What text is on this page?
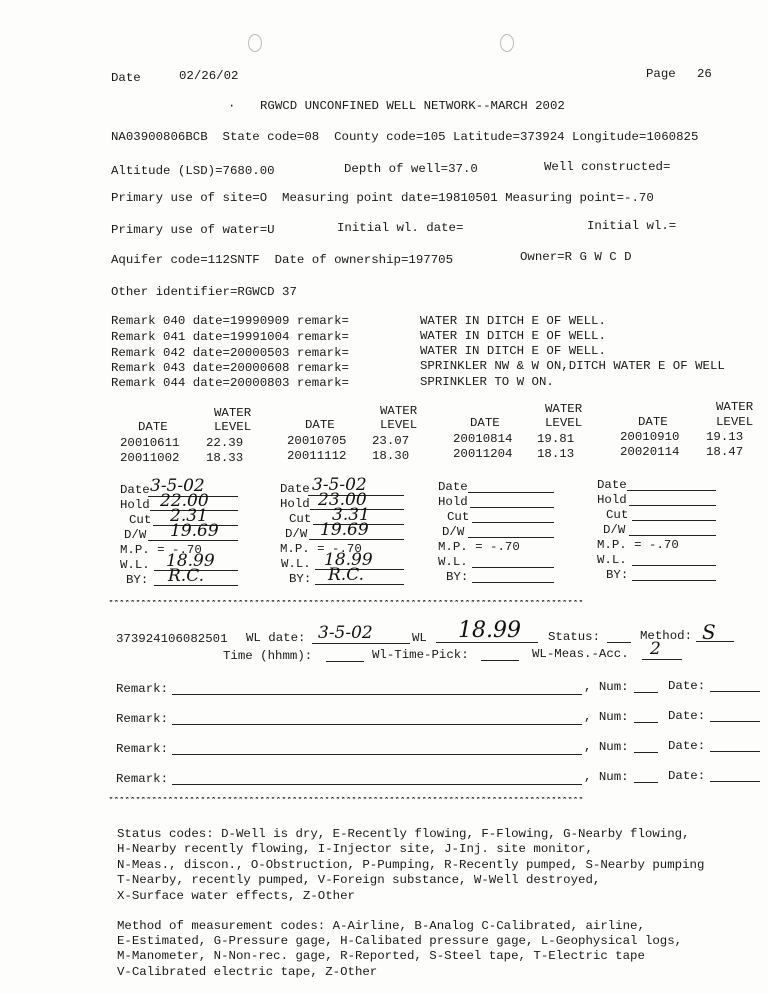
Date	02/26/02	Page 26
· RGWCD UNCONFINED WELL NETWORK--MARCH 2002
NA03900806BCB  State code=08  County code=105 Latitude=373924 Longitude=1060825
Altitude (LSD)=7680.00	Depth of well=37.0	Well constructed=
Primary use of site=O  Measuring point date=19810501 Measuring point=-.70
Primary use of water=U	Initial wl. date=	Initial wl.=
Aquifer code=112SNTF  Date of ownership=197705	Owner=R G W C D
Other identifier=RGWCD 37
Remark 040 date=19990909 remark=	WATER IN DITCH E OF WELL.
Remark 041 date=19991004 remark=	WATER IN DITCH E OF WELL.
Remark 042 date=20000503 remark=	WATER IN DITCH E OF WELL.
Remark 043 date=20000608 remark=	SPRINKLER NW & W ON,DITCH WATER E OF WELL
Remark 044 date=20000803 remark=	SPRINKLER TO W ON.
WATER
DATE	LEVEL
20010611 22.39
20011002 18.33
WATER
DATE	LEVEL
20010705 23.07
20011112 18.30
WATER
DATE	LEVEL
20010814 19.81
20011204 18.13
WATER
DATE	LEVEL
20010910 19.13
20020114 18.47
Date 3-5-02
Hold 22.00
Cut 2.31
D/W 19.69
M.P. = -.70
W.L. 18.99
BY: R.C.
Date 3-5-02
Hold 23.00
Cut 3.31
D/W 19.69
M.P. = -.70
W.L. 18.99
BY: R.C.
Date
Hold
Cut
D/W
M.P. = -.70
W.L.
BY:
Date
Hold
Cut
D/W
M.P. = -.70
W.L.
BY:
****************************************************************************************
373924106082501 WL date: 3-5-02	WL 18.99 Status:	Method: S
Time (hhmm):	Wl-Time-Pick:	WL-Meas.-Acc. 2
Remark:	, Num:	Date:
Remark:	, Num:	Date:
Remark:	, Num:	Date:
Remark:	, Num:	Date:
****************************************************************************************
Status codes: D-Well is dry, E-Recently flowing, F-Flowing, G-Nearby flowing,
H-Nearby recently flowing, I-Injector site, J-Inj. site monitor,
N-Meas., discon., O-Obstruction, P-Pumping, R-Recently pumped, S-Nearby pumping
T-Nearby, recently pumped, V-Foreign substance, W-Well destroyed,
X-Surface water effects, Z-Other
Method of measurement codes: A-Airline, B-Analog C-Calibrated, airline,
E-Estimated, G-Pressure gage, H-Calibated pressure gage, L-Geophysical logs,
M-Manometer, N-Non-rec. gage, R-Reported, S-Steel tape, T-Electric tape
V-Calibrated electric tape, Z-Other
